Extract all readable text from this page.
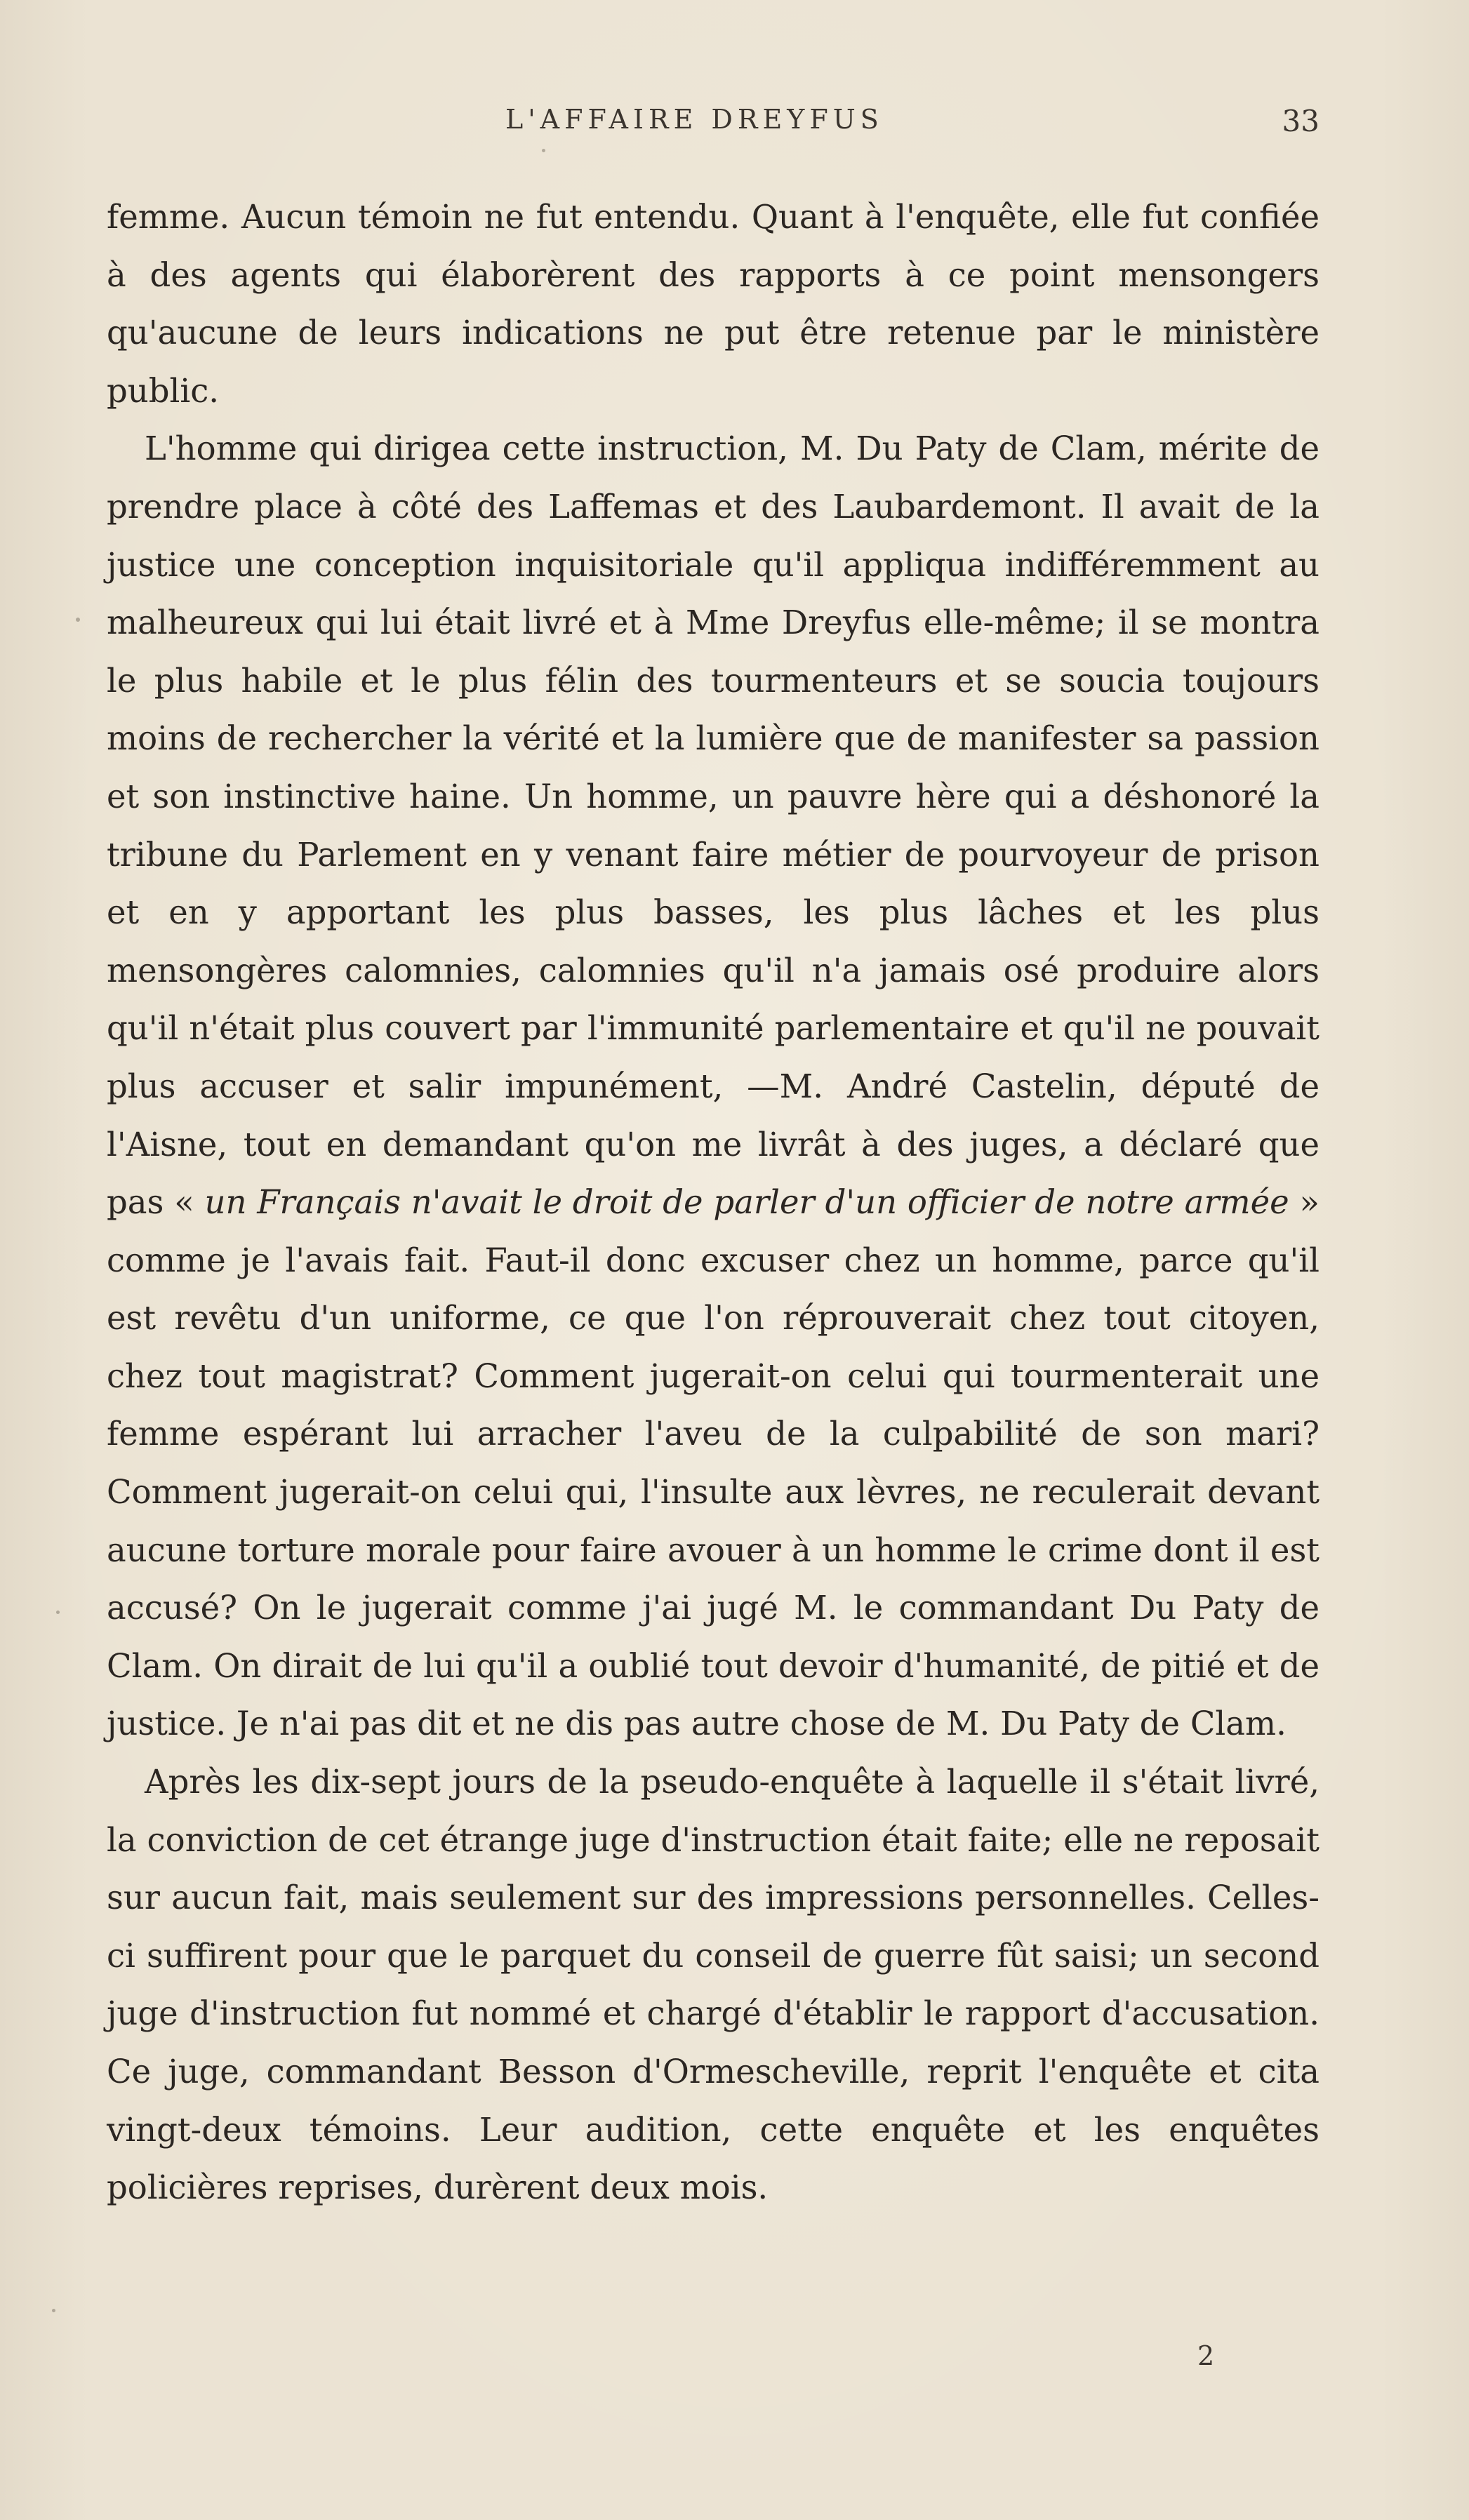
L'AFFAIRE DREYFUS	33

femme. Aucun témoin ne fut entendu. Quant à l'enquête, elle fut confiée à des agents qui élaborèrent des rapports à ce point mensongers qu'aucune de leurs indications ne put être retenue par le ministère public.

L'homme qui dirigea cette instruction, M. Du Paty de Clam, mérite de prendre place à côté des Laffemas et des Laubardemont. Il avait de la justice une conception inquisitoriale qu'il appliqua indifféremment au malheureux qui lui était livré et à Mme Dreyfus elle-même; il se montra le plus habile et le plus félin des tourmenteurs et se soucia toujours moins de rechercher la vérité et la lumière que de manifester sa passion et son instinctive haine. Un homme, un pauvre hère qui a déshonoré la tribune du Parlement en y venant faire métier de pourvoyeur de prison et en y apportant les plus basses, les plus lâches et les plus mensongères calomnies, calomnies qu'il n'a jamais osé produire alors qu'il n'était plus couvert par l'immunité parlementaire et qu'il ne pouvait plus accuser et salir impunément, —M. André Castelin, député de l'Aisne, tout en demandant qu'on me livrât à des juges, a déclaré que pas « un Français n'avait le droit de parler d'un officier de notre armée » comme je l'avais fait. Faut-il donc excuser chez un homme, parce qu'il est revêtu d'un uniforme, ce que l'on réprouverait chez tout citoyen, chez tout magistrat? Comment jugerait-on celui qui tourmenterait une femme espérant lui arracher l'aveu de la culpabilité de son mari? Comment jugerait-on celui qui, l'insulte aux lèvres, ne reculerait devant aucune torture morale pour faire avouer à un homme le crime dont il est accusé? On le jugerait comme j'ai jugé M. le commandant Du Paty de Clam. On dirait de lui qu'il a oublié tout devoir d'humanité, de pitié et de justice. Je n'ai pas dit et ne dis pas autre chose de M. Du Paty de Clam.

Après les dix-sept jours de la pseudo-enquête à laquelle il s'était livré, la conviction de cet étrange juge d'instruction était faite; elle ne reposait sur aucun fait, mais seulement sur des impressions personnelles. Celles-ci suffirent pour que le parquet du conseil de guerre fût saisi; un second juge d'instruction fut nommé et chargé d'établir le rapport d'accusation. Ce juge, commandant Besson d'Ormescheville, reprit l'enquête et cita vingt-deux témoins. Leur audition, cette enquête et les enquêtes policières reprises, durèrent deux mois.

2
